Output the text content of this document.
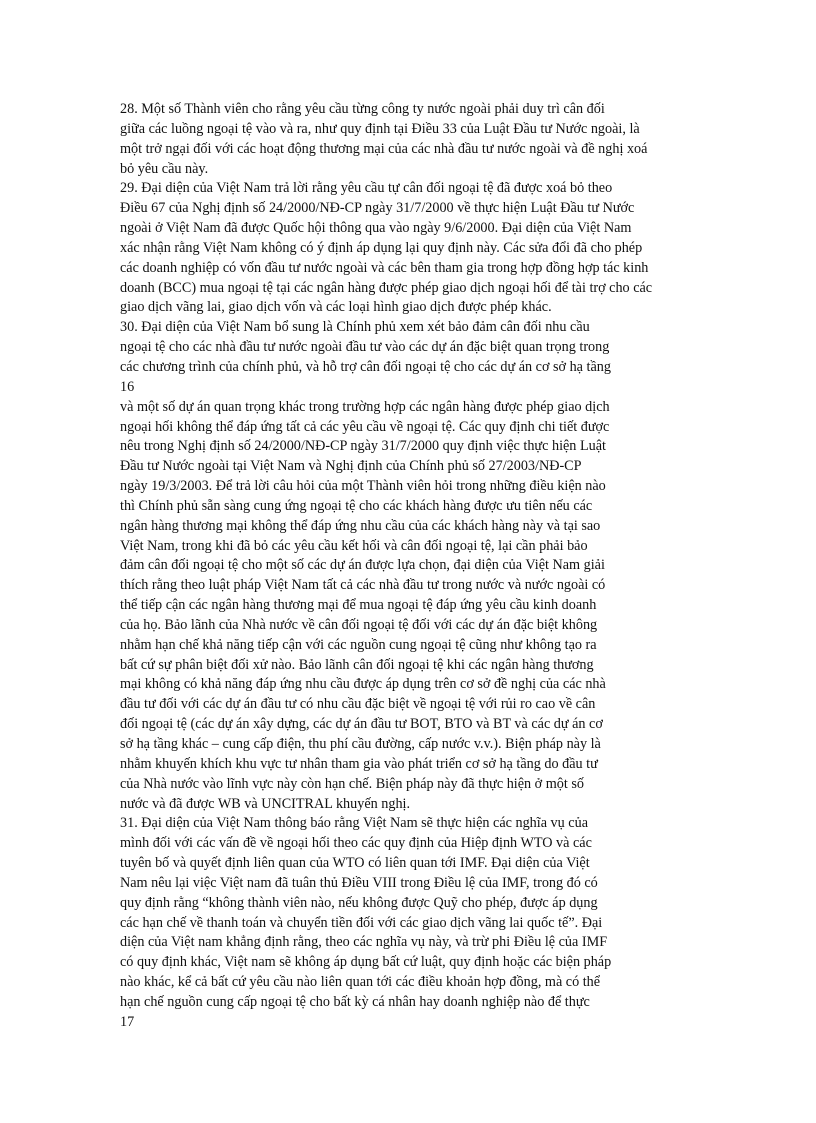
28. Một số Thành viên cho rằng yêu cầu từng công ty nước ngoài phải duy trì cân đối
giữa các luồng ngoại tệ vào và ra, như quy định tại Điều 33 của Luật Đầu tư Nước ngoài, là
một trở ngại đối với các hoạt động thương mại của các nhà đầu tư nước ngoài và đề nghị xoá
bỏ yêu cầu này.
29. Đại diện của Việt Nam trả lời rằng yêu cầu tự cân đối ngoại tệ đã được xoá bỏ theo
Điều 67 của Nghị định số 24/2000/NĐ-CP ngày 31/7/2000 về thực hiện Luật Đầu tư Nước
ngoài ở Việt Nam đã được Quốc hội thông qua vào ngày 9/6/2000. Đại diện của Việt Nam
xác nhận rằng Việt Nam không có ý định áp dụng lại quy định này. Các sửa đổi đã cho phép
các doanh nghiệp có vốn đầu tư nước ngoài và các bên tham gia trong hợp đồng hợp tác kinh
doanh (BCC) mua ngoại tệ tại các ngân hàng được phép giao dịch ngoại hối để tài trợ cho các
giao dịch vãng lai, giao dịch vốn và các loại hình giao dịch được phép khác.
30. Đại diện của Việt Nam bổ sung là Chính phủ xem xét bảo đảm cân đối nhu cầu
ngoại tệ cho các nhà đầu tư nước ngoài đầu tư vào các dự án đặc biệt quan trọng trong
các chương trình của chính phủ, và hỗ trợ cân đối ngoại tệ cho các dự án cơ sở hạ tầng
16
và một số dự án quan trọng khác trong trường hợp các ngân hàng được phép giao dịch
ngoại hối không thể đáp ứng tất cả các yêu cầu về ngoại tệ. Các quy định chi tiết được
nêu trong Nghị định số 24/2000/NĐ-CP ngày 31/7/2000 quy định việc thực hiện Luật
Đầu tư Nước ngoài tại Việt Nam và Nghị định của Chính phủ số 27/2003/NĐ-CP
ngày 19/3/2003. Để trả lời câu hỏi của một Thành viên hỏi trong những điều kiện nào
thì Chính phủ sẵn sàng cung ứng ngoại tệ cho các khách hàng được ưu tiên nếu các
ngân hàng thương mại không thể đáp ứng nhu cầu của các khách hàng này và tại sao
Việt Nam, trong khi đã bỏ các yêu cầu kết hối và cân đối ngoại tệ, lại cần phải bảo
đảm cân đối ngoại tệ cho một số các dự án được lựa chọn, đại diện của Việt Nam giải
thích rằng theo luật pháp Việt Nam tất cả các nhà đầu tư trong nước và nước ngoài có
thể tiếp cận các ngân hàng thương mại để mua ngoại tệ đáp ứng yêu cầu kinh doanh
của họ. Bảo lãnh của Nhà nước về cân đối ngoại tệ đối với các dự án đặc biệt không
nhằm hạn chế khả năng tiếp cận với các nguồn cung ngoại tệ cũng như không tạo ra
bất cứ sự phân biệt đối xử nào. Bảo lãnh cân đối ngoại tệ khi các ngân hàng thương
mại không có khả năng đáp ứng nhu cầu được áp dụng trên cơ sở đề nghị của các nhà
đầu tư đối với các dự án đầu tư có nhu cầu đặc biệt về ngoại tệ với rủi ro cao về cân
đối ngoại tệ (các dự án xây dựng, các dự án đầu tư BOT, BTO và BT và các dự án cơ
sở hạ tầng khác – cung cấp điện, thu phí cầu đường, cấp nước v.v.). Biện pháp này là
nhằm khuyến khích khu vực tư nhân tham gia vào phát triển cơ sở hạ tầng do đầu tư
của Nhà nước vào lĩnh vực này còn hạn chế. Biện pháp này đã thực hiện ở một số
nước và đã được WB và UNCITRAL khuyến nghị.
31. Đại diện của Việt Nam thông báo rằng Việt Nam sẽ thực hiện các nghĩa vụ của
mình đối với các vấn đề về ngoại hối theo các quy định của Hiệp định WTO và các
tuyên bố và quyết định liên quan của WTO có liên quan tới IMF. Đại diện của Việt
Nam nêu lại việc Việt nam đã tuân thủ Điều VIII trong Điều lệ của IMF, trong đó có
quy định rằng “không thành viên nào, nếu không được Quỹ cho phép, được áp dụng
các hạn chế về thanh toán và chuyển tiền đối với các giao dịch vãng lai quốc tế”. Đại
diện của Việt nam khẳng định rằng, theo các nghĩa vụ này, và trừ phi Điều lệ của IMF
có quy định khác, Việt nam sẽ không áp dụng bất cứ luật, quy định hoặc các biện pháp
nào khác, kể cả bất cứ yêu cầu nào liên quan tới các điều khoản hợp đồng, mà có thể
hạn chế nguồn cung cấp ngoại tệ cho bất kỳ cá nhân hay doanh nghiệp nào để thực
17
